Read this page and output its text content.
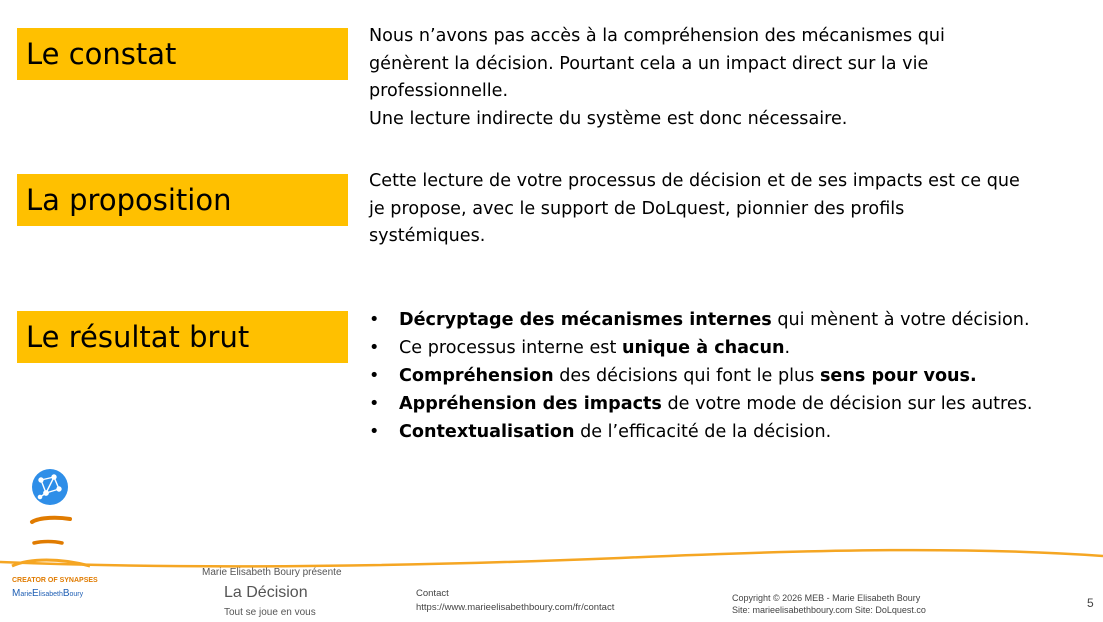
Le constat
Nous n’avons pas accès à la compréhension des mécanismes qui
génèrent la décision. Pourtant cela a un impact direct sur la vie
professionnelle.
Une lecture indirecte du système est donc nécessaire.
La proposition
Cette lecture de votre processus de décision et de ses impacts est ce que
je propose, avec le support de DoLquest, pionnier des profils
systémiques.
Le résultat brut	• Décryptage des mécanismes internes qui mènent à votre décision.
• Ce processus interne est unique à chacun.
• Compréhension des décisions qui font le plus sens pour vous.
• Appréhension des impacts de votre mode de décision sur les autres.
• Contextualisation de l’efficacité de la décision.
CREATOR OF SYNAPSES
MarieElisabethBoury
Marie Elisabeth Boury présente
La Décision
Tout se joue en vous
Contact
https://www.marieelisabethboury.com/fr/contact
Copyright © 2026 MEB - Marie Elisabeth Boury
Site: marieelisabethboury.com Site: DoLquest.co	5
